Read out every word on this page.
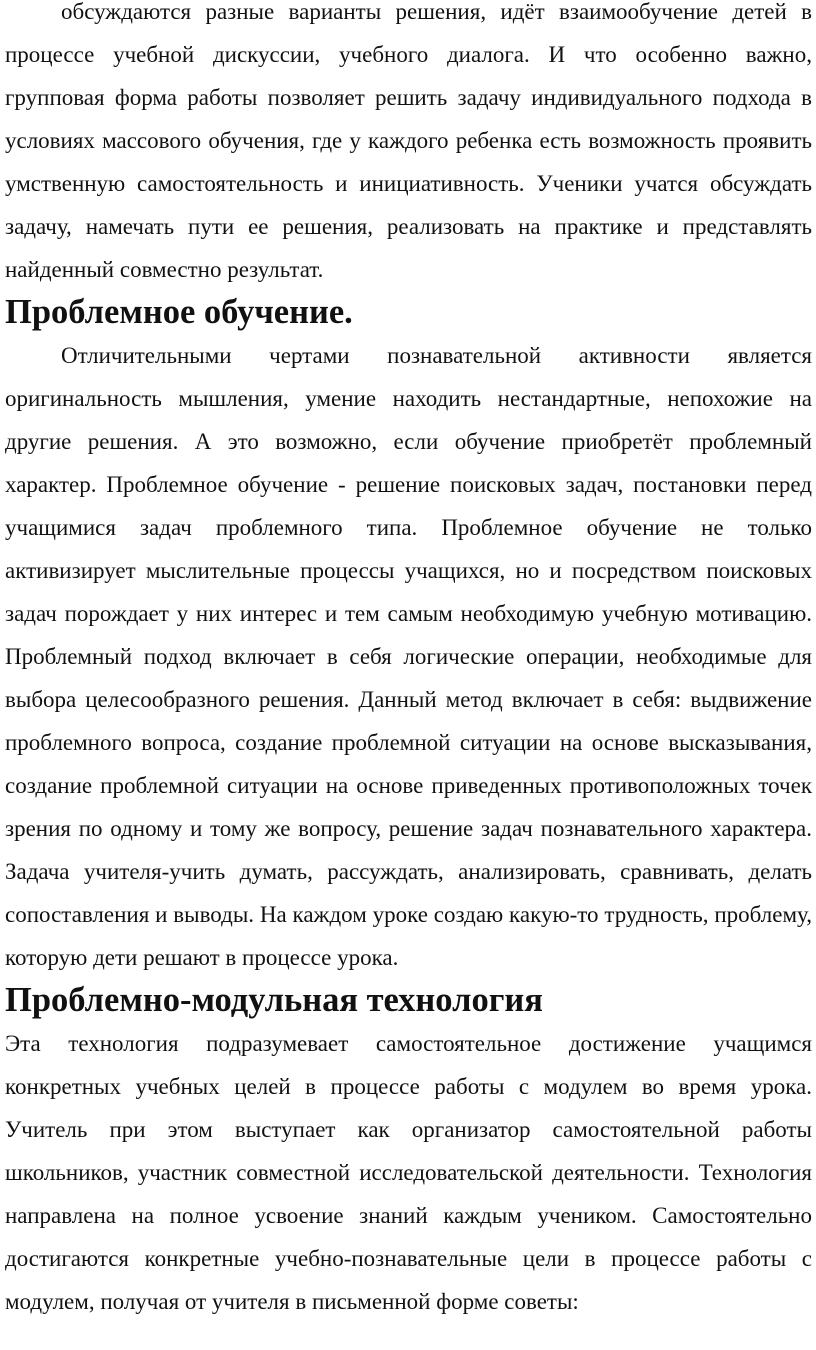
обсуждаются разные варианты решения, идёт взаимообучение детей в процессе учебной дискуссии, учебного диалога. И что особенно важно, групповая форма работы позволяет решить задачу индивидуального подхода в условиях массового обучения, где у каждого ребенка есть возможность проявить умственную самостоятельность и инициативность. Ученики учатся обсуждать задачу, намечать пути ее решения, реализовать на практике и представлять найденный совместно результат.

Проблемное обучение.

Отличительными чертами познавательной активности является оригинальность мышления, умение находить нестандартные, непохожие на другие решения. А это возможно, если обучение приобретёт проблемный характер. Проблемное обучение - решение поисковых задач, постановки перед учащимися задач проблемного типа. Проблемное обучение не только активизирует мыслительные процессы учащихся, но и посредством поисковых задач порождает у них интерес и тем самым необходимую учебную мотивацию. Проблемный подход включает в себя логические операции, необходимые для выбора целесообразного решения. Данный метод включает в себя: выдвижение проблемного вопроса, создание проблемной ситуации на основе высказывания, создание проблемной ситуации на основе приведенных противоположных точек зрения по одному и тому же вопросу, решение задач познавательного характера. Задача учителя-учить думать, рассуждать, анализировать, сравнивать, делать сопоставления и выводы. На каждом уроке создаю какую-то трудность, проблему, которую дети решают в процессе урока.

Проблемно-модульная технология

Эта технология подразумевает самостоятельное достижение учащимся конкретных учебных целей в процессе работы с модулем во время урока. Учитель при этом выступает как организатор самостоятельной работы школьников, участник совместной исследовательской деятельности. Технология направлена на полное усвоение знаний каждым учеником. Самостоятельно достигаются конкретные учебно-познавательные цели в процессе работы с модулем, получая от учителя в письменной форме советы:
